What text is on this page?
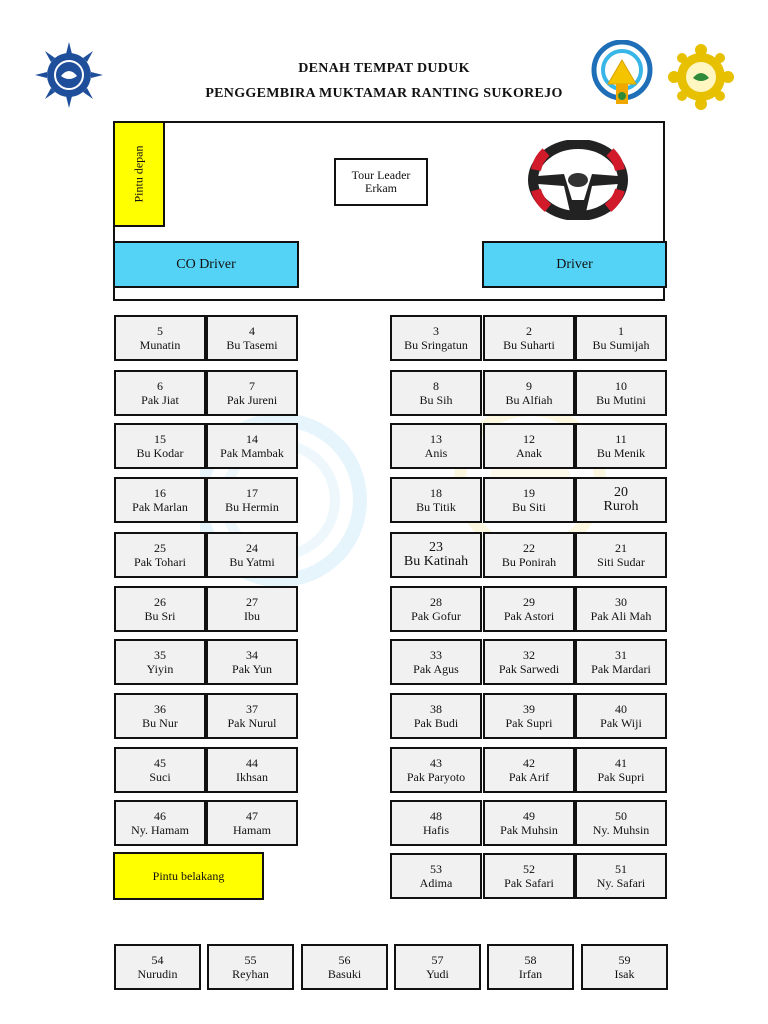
DENAH TEMPAT DUDUK
PENGGEMBIRA MUKTAMAR RANTING SUKOREJO
Pintu depan	Tour Leader
Erkam
CO Driver	Driver
5
Munatin
4
Bu Tasemi
3
Bu Sringatun
2
Bu Suharti
1
Bu Sumijah
6
Pak Jiat
7
Pak Jureni
8
Bu Sih
9
Bu Alfiah
10
Bu Mutini
15
Bu Kodar
14
Pak Mambak
13
Anis
12
Anak
11
Bu Menik
16
Pak Marlan
17
Bu Hermin
18
Bu Titik
19
Bu Siti
20
Ruroh
25
Pak Tohari
24
Bu Yatmi
23
Bu Katinah
22
Bu Ponirah
21
Siti Sudar
26
Bu Sri
27
Ibu
28
Pak Gofur
29
Pak Astori
30
Pak Ali Mah
35
Yiyin
34
Pak Yun
33
Pak Agus
32
Pak Sarwedi
31
Pak Mardari
36
Bu Nur
37
Pak Nurul
38
Pak Budi
39
Pak Supri
40
Pak Wiji
45
Suci
44
Ikhsan
43
Pak Paryoto
42
Pak Arif
41
Pak Supri
46
Ny. Hamam
47
Hamam
48
Hafis
49
Pak Muhsin
50
Ny. Muhsin
53
Adima
52
Pak Safari
51
Ny. Safari
54
Nurudin
55
Reyhan
56
Basuki
57
Yudi
58
Irfan
59
Isak
Pintu belakang
